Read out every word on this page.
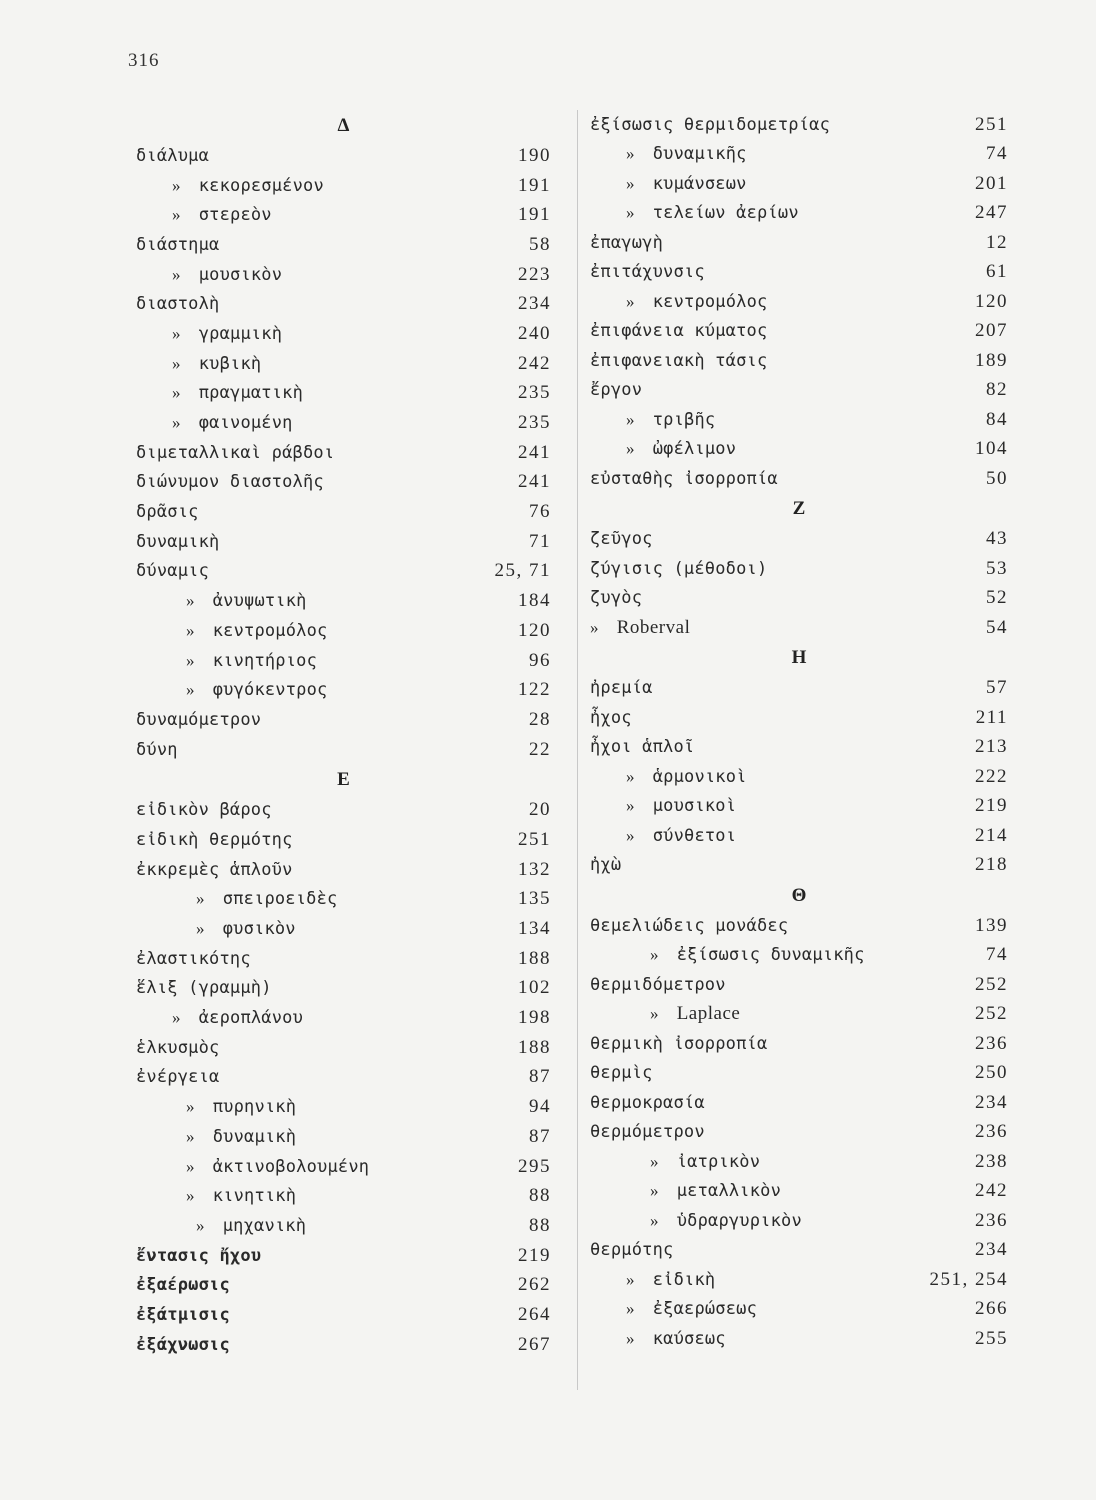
316
Δ
διάλυμα	190
» κεκορεσμένον	191
» στερεὸν	191
διάστημα	58
» μουσικὸν	223
διαστολὴ	234
» γραμμικὴ	240
» κυβικὴ	242
» πραγματικὴ	235
» φαινομένη	235
διμεταλλικαὶ ράβδοι	241
διώνυμον διαστολῆς	241
δρᾶσις	76
δυναμικὴ	71
δύναμις	25, 71
» ἀνυψωτικὴ	184
» κεντρομόλος	120
» κινητήριος	96
» φυγόκεντρος	122
δυναμόμετρον	28
δύνη	22
E
εἰδικὸν βάρος	20
εἰδικὴ θερμότης	251
ἐκκρεμὲς ἁπλοῦν	132
» σπειροειδὲς	135
» φυσικὸν	134
ἐλαστικότης	188
ἕλιξ (γραμμὴ)	102
» ἀεροπλάνου	198
ἑλκυσμὸς	188
ἐνέργεια	87
» πυρηνικὴ	94
» δυναμικὴ	87
» ἀκτινοβολουμένη	295
» κινητικὴ	88
» μηχανικὴ	88
ἔντασις ἤχου	219
ἐξαέρωσις	262
ἐξάτμισις	264
ἐξάχνωσις	267
ἐξίσωσις θερμιδομετρίας	251
» δυναμικῆς	74
» κυμάνσεων	201
» τελείων ἀερίων	247
ἐπαγωγὴ	12
ἐπιτάχυνσις	61
» κεντρομόλος	120
ἐπιφάνεια κύματος	207
ἐπιφανειακὴ τάσις	189
ἔργον	82
» τριβῆς	84
» ὠφέλιμον	104
εὐσταθὴς ἰσορροπία	50
Z
ζεῦγος	43
ζύγισις (μέθοδοι)	53
ζυγὸς	52
» Roberval	54
H
ἠρεμία	57
ἦχος	211
ἦχοι ἁπλοῖ	213
» ἁρμονικοὶ	222
» μουσικοὶ	219
» σύνθετοι	214
ἠχὼ	218
Θ
θεμελιώδεις μονάδες	139
» ἐξίσωσις δυναμικῆς	74
θερμιδόμετρον	252
» Laplace	252
θερμικὴ ἰσορροπία	236
θερμὶς	250
θερμοκρασία	234
θερμόμετρον	236
» ἰατρικὸν	238
» μεταλλικὸν	242
» ὑδραργυρικὸν	236
θερμότης	234
» εἰδικὴ	251, 254
» ἐξαερώσεως	266
» καύσεως	255
